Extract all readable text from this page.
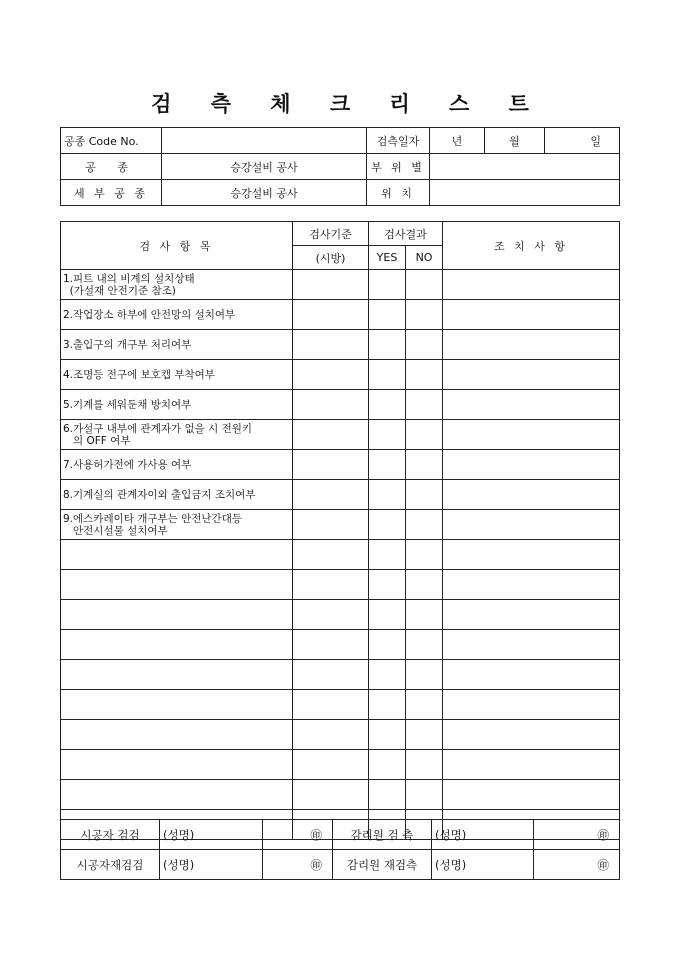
검 측 체 크 리 스 트
공종 Code No.		검측일자	년	월	일
공 종	승강설비 공사	부 위 별			
세 부 공 종	승강설비 공사	위 치			
검 사 항 목	검사기준	검사결과		조 치 사 항
	(시방)	YES	NO	
1.피트 내의 비계의 설치상태
(가설재 안전기준 참조)				
2.작업장소 하부에 안전망의 설치여부				
3.출입구의 개구부 처리여부				
4.조명등 전구에 보호캡 부착여부				
5.기계를 세워둔채 방치여부				
6.가설구 내부에 관계자가 없을 시 전원키
의 OFF 여부				
7.사용허가전에 가사용 여부				
8.기계실의 관계자이외 출입금지 조치여부				
9.에스카레이타 개구부는 안전난간대등
안전시설물 설치여부				

시공자 검검	(성명)	㊞	감리원 검 측	(성명)	㊞
시공자재검검	(성명)	㊞	감리원 재검측	(성명)	㊞
